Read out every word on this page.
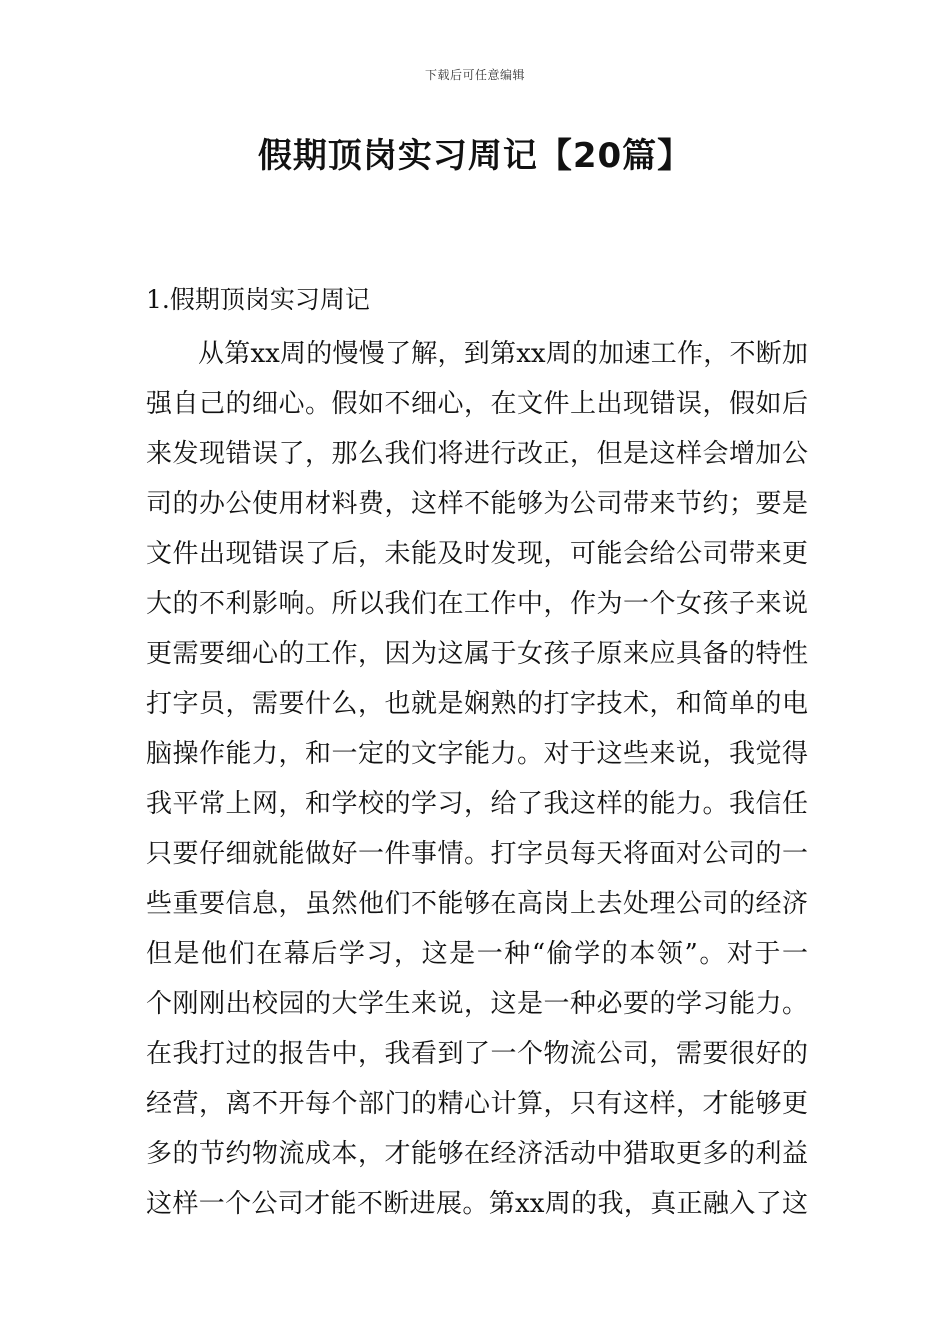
下载后可任意编辑
假期顶岗实习周记【20篇】
1.假期顶岗实习周记
从第xx周的慢慢了解，到第xx周的加速工作，不断加
强自己的细心。假如不细心，在文件上出现错误，假如后
来发现错误了，那么我们将进行改正，但是这样会增加公
司的办公使用材料费，这样不能够为公司带来节约；要是
文件出现错误了后，未能及时发现，可能会给公司带来更
大的不利影响。所以我们在工作中，作为一个女孩子来说
更需要细心的工作，因为这属于女孩子原来应具备的特性
打字员，需要什么，也就是娴熟的打字技术，和简单的电
脑操作能力，和一定的文字能力。对于这些来说，我觉得
我平常上网，和学校的学习，给了我这样的能力。我信任
只要仔细就能做好一件事情。打字员每天将面对公司的一
些重要信息，虽然他们不能够在高岗上去处理公司的经济
但是他们在幕后学习，这是一种“偷学的本领”。对于一
个刚刚出校园的大学生来说，这是一种必要的学习能力。
在我打过的报告中，我看到了一个物流公司，需要很好的
经营，离不开每个部门的精心计算，只有这样，才能够更
多的节约物流成本，才能够在经济活动中猎取更多的利益
这样一个公司才能不断进展。第xx周的我，真正融入了这
